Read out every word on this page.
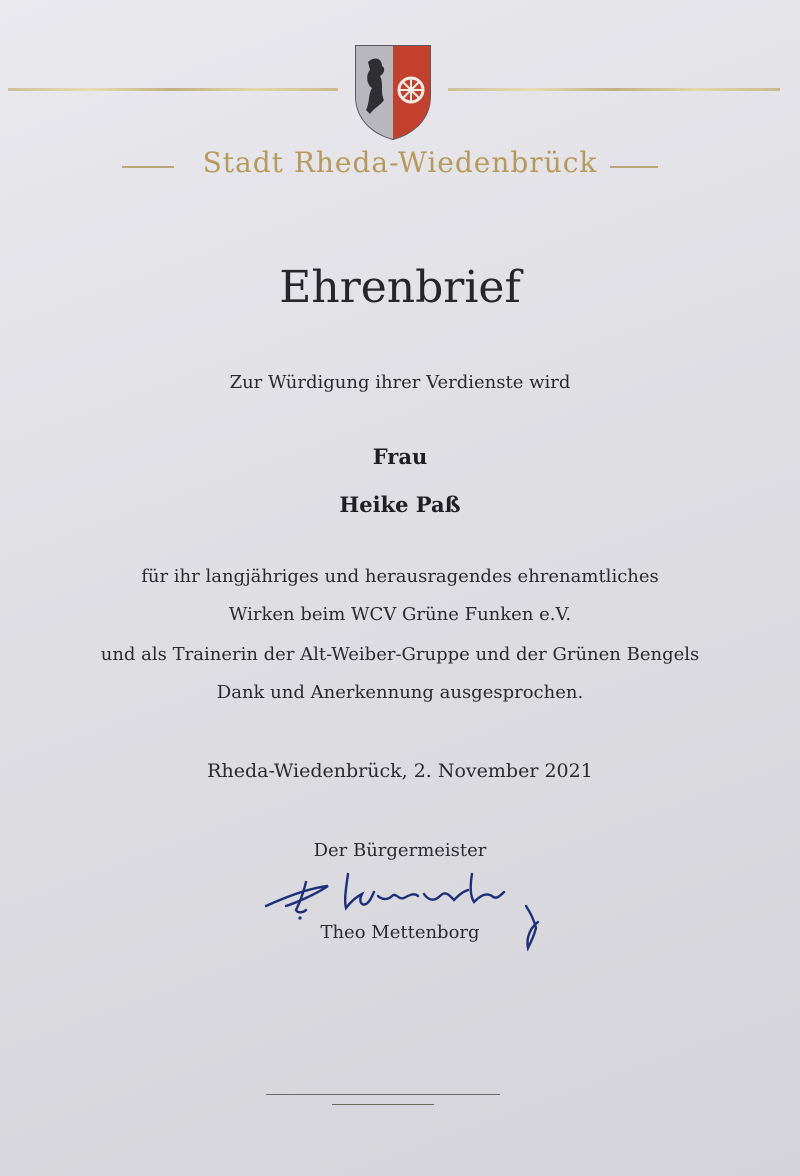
Stadt Rheda-Wiedenbrück
Ehrenbrief
Zur Würdigung ihrer Verdienste wird
Frau
Heike Paß
für ihr langjähriges und herausragendes ehrenamtliches
Wirken beim WCV Grüne Funken e.V.
und als Trainerin der Alt-Weiber-Gruppe und der Grünen Bengels
Dank und Anerkennung ausgesprochen.
Rheda-Wiedenbrück, 2. November 2021
Der Bürgermeister
Theo Mettenborg
